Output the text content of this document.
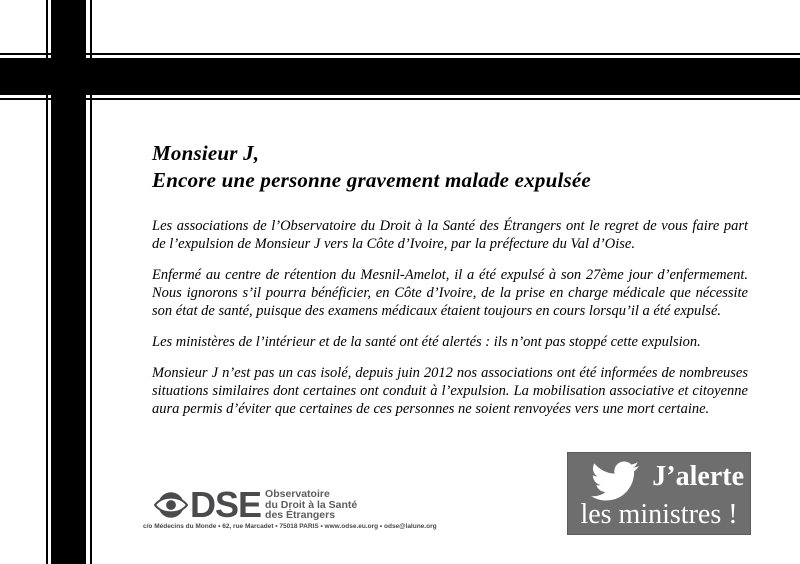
Monsieur J,
Encore une personne gravement malade expulsée

Les associations de l’Observatoire du Droit à la Santé des Étrangers ont le regret de vous faire part de l’expulsion de Monsieur J vers la Côte d’Ivoire, par la préfecture du Val d’Oise.

Enfermé au centre de rétention du Mesnil-Amelot, il a été expulsé à son 27ème jour d’enfermement. Nous ignorons s’il pourra bénéficier, en Côte d’Ivoire, de la prise en charge médicale que nécessite son état de santé, puisque des examens médicaux étaient toujours en cours lorsqu’il a été expulsé.

Les ministères de l’intérieur et de la santé ont été alertés : ils n’ont pas stoppé cette expulsion.

Monsieur J n’est pas un cas isolé, depuis juin 2012 nos associations ont été informées de nombreuses situations similaires dont certaines ont conduit à l’expulsion. La mobilisation associative et citoyenne aura permis d’éviter que certaines de ces personnes ne soient renvoyées vers une mort certaine.

DSE Observatoire
du Droit à la Santé
des Étrangers
c/o Médecins du Monde • 62, rue Marcadet • 75018 PARIS • www.odse.eu.org • odse@lalune.org
J’alerte
les ministres !
